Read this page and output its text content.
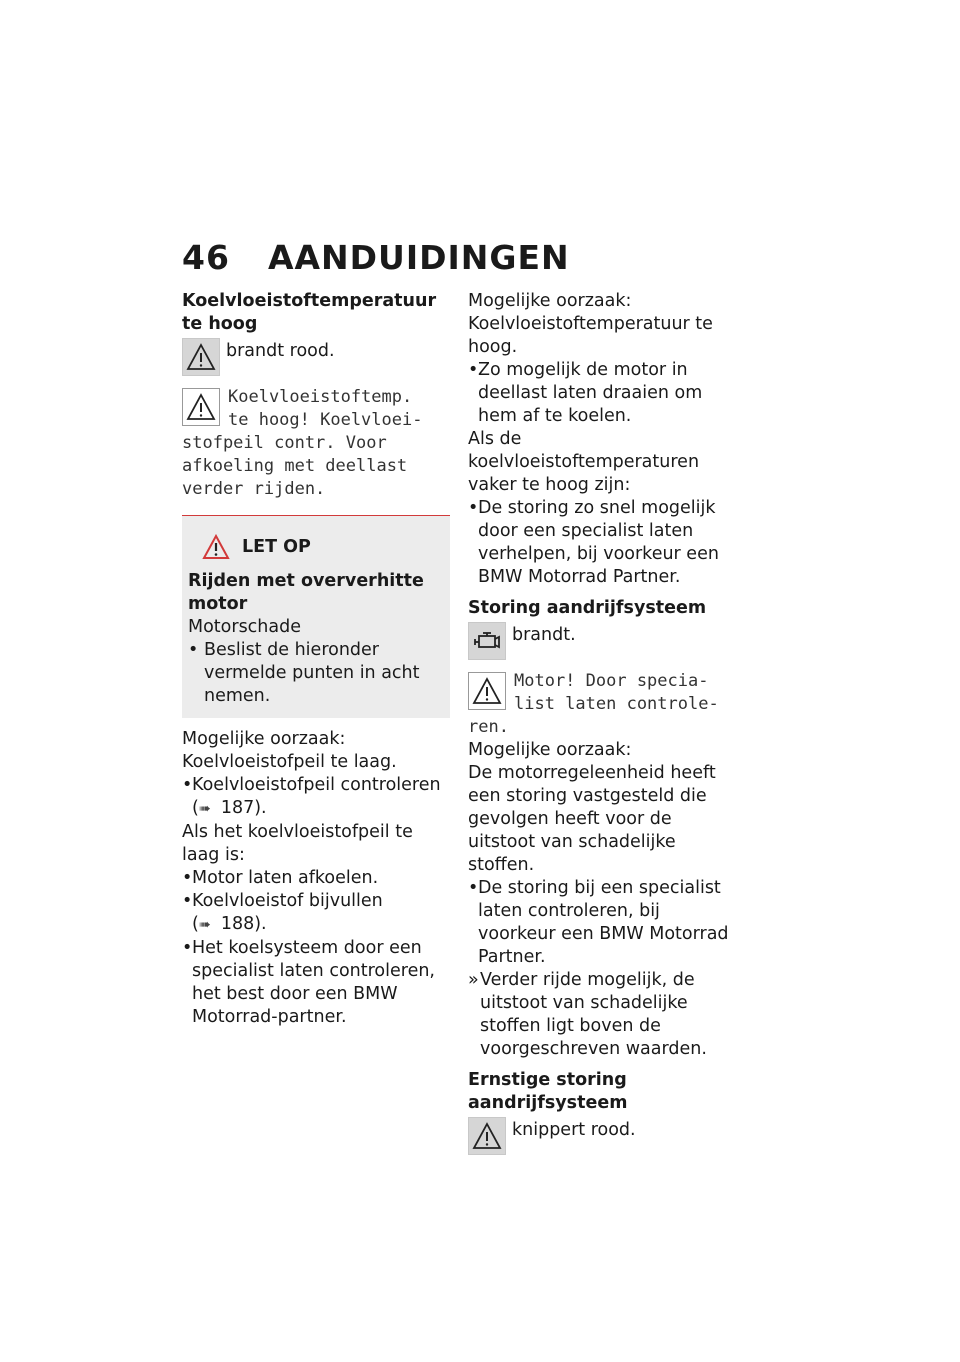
46 AANDUIDINGEN
Koelvloeistoftemperatuur te hoog
brandt rood.
Koelvloeistoftemp.
te hoog! Koelvloei-
stofpeil contr. Voor afkoeling met deellast verder rijden.
LET OP
Rijden met oververhitte motor
Motorschade
• Beslist de hieronder vermelde punten in acht nemen.
Mogelijke oorzaak:
Koelvloeistofpeil te laag.
• Koelvloeistofpeil controleren
(➠ 187).
Als het koelvloeistofpeil te laag is:
• Motor laten afkoelen.
• Koelvloeistof bijvullen
(➠ 188).
• Het koelsysteem door een specialist laten controleren, het best door een BMW Motorrad-partner.
Mogelijke oorzaak:
Koelvloeistoftemperatuur te hoog.
• Zo mogelijk de motor in deellast laten draaien om hem af te koelen.
Als de koelvloeistoftemperaturen vaker te hoog zijn:
• De storing zo snel mogelijk door een specialist laten verhelpen, bij voorkeur een BMW Motorrad Partner.
Storing aandrijfsysteem
brandt.
Motor! Door specia-
list laten controle-
ren.
Mogelijke oorzaak:
De motorregeleenheid heeft een storing vastgesteld die gevolgen heeft voor de uitstoot van schadelijke stoffen.
• De storing bij een specialist laten controleren, bij voorkeur een BMW Motorrad Partner.
» Verder rijde mogelijk, de uitstoot van schadelijke stoffen ligt boven de voorgeschreven waarden.
Ernstige storing aandrijfsysteem
knippert rood.
